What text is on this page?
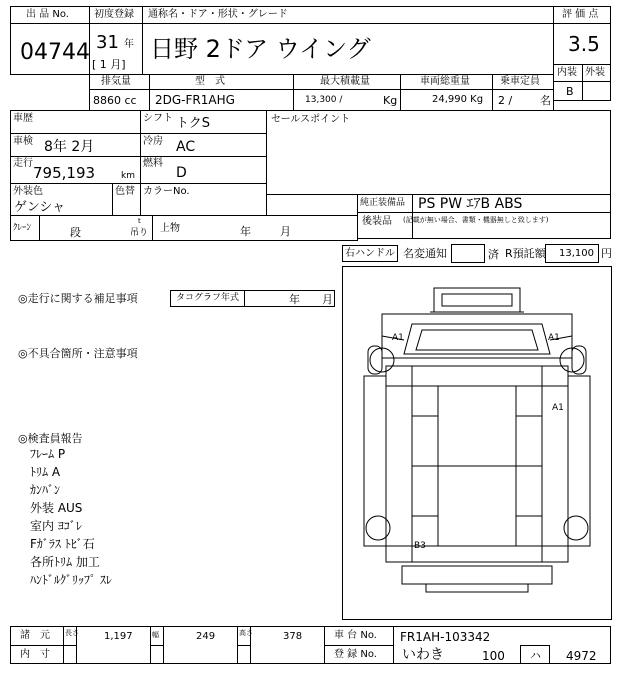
出 品 No.
04744
初度登録
31 年
[ 1 月]
通称名・ドア・形状・グレード
日野 2ドア ウイング
評 価 点
3.5
内装 外装
B
排気量
8860 cc
型　式
2DG-FR1AHG
最大積載量
13,300 /	Kg
車両総重量
24,990 Kg
乗車定員
2 /	名
車歴	シフト トクS
車検 8年 2月	冷房 AC
走行
795,193	km
燃料
D
外装色
ゲンシャ
色替 カラーNo.
セールスポイント
純正装備品 PS PW ｴｱB ABS
後装品 (記載が無い場合、書類・機器無しと致します)
ｸﾚｰﾝ	段
t
吊り 上物	年	月
右ハンドル 名変通知	済 R預託額 13,100 円
◎走行に関する補足事項	タコグラフ年式	年 月
◎不具合箇所・注意事項
◎検査員報告
ﾌﾚｰﾑ P
ﾄﾘﾑ A
ｶﾝﾊﾞﾝ
外装 AUS
室内 ﾖｺﾞﾚ
Fｶﾞﾗｽ ﾄﾋﾞ石
各所ﾄﾘﾑ 加工
ﾊﾝﾄﾞﾙｸﾞﾘｯﾌﾟ ｽﾚ
A1	A1
A1
B3
諸　元
内　寸
長さ	1,197	幅	249	高さ	378	車 台 No. FR1AH-103342
登 録 No. いわき	100 ハ 4972
